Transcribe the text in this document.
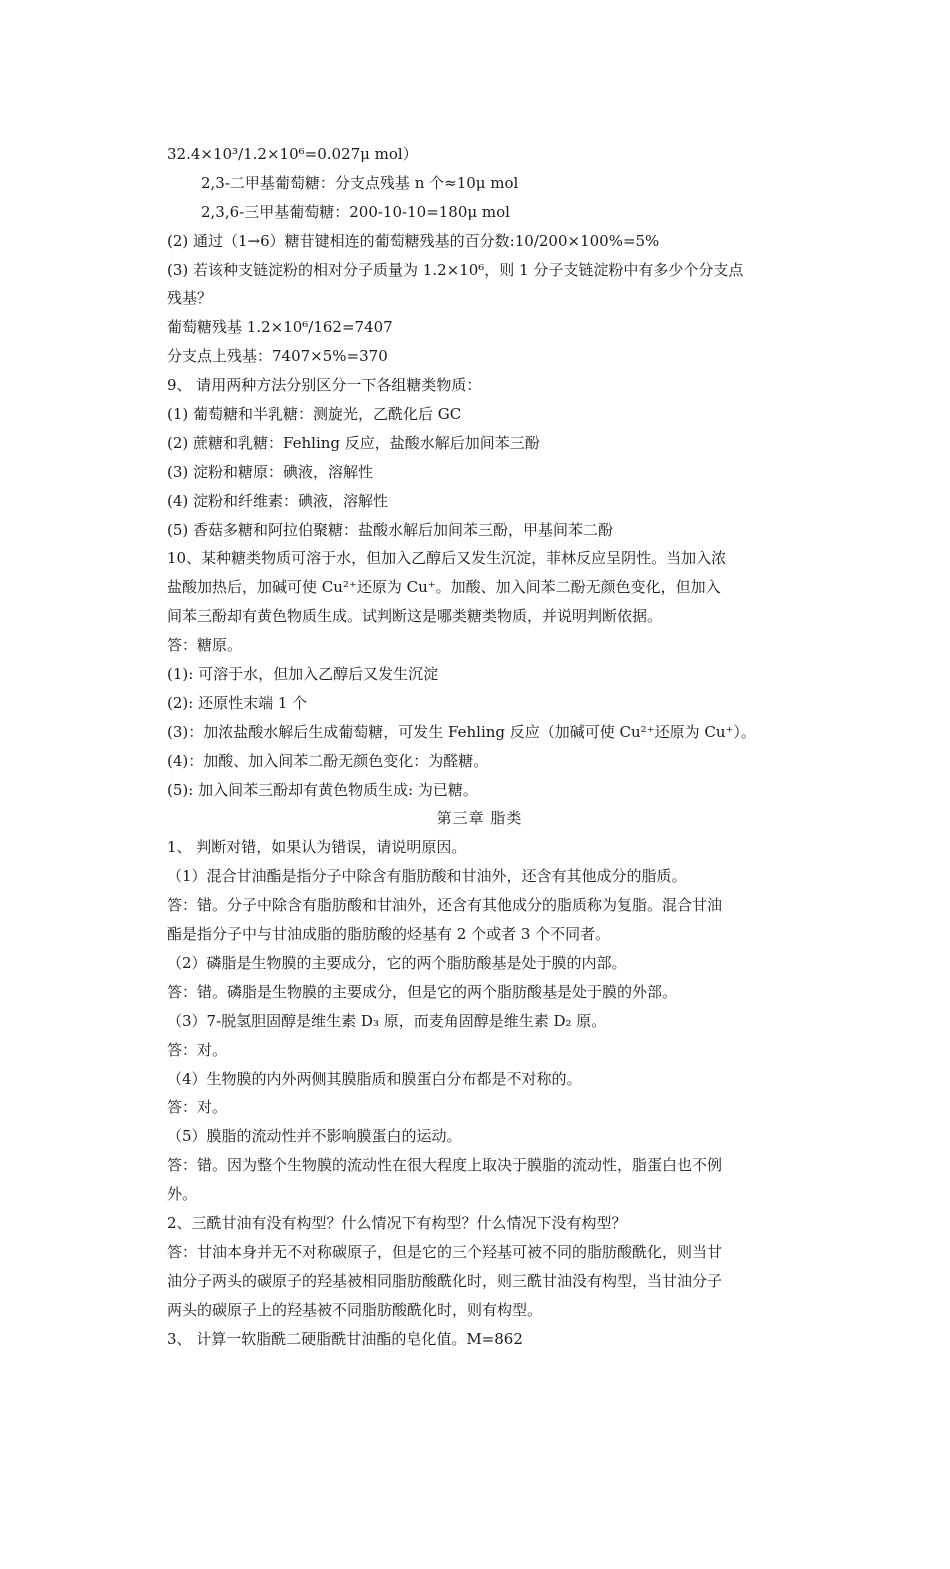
32.4×10³/1.2×10⁶=0.027μ mol）
2,3-二甲基葡萄糖：分支点残基 n 个≈10μ mol
2,3,6-三甲基葡萄糖：200-10-10=180μ mol
(2) 通过（1→6）糖苷键相连的葡萄糖残基的百分数:10/200×100%=5%
(3) 若该种支链淀粉的相对分子质量为 1.2×10⁶，则 1 分子支链淀粉中有多少个分支点
残基？
葡萄糖残基 1.2×10⁶/162=7407
分支点上残基：7407×5%=370
9、 请用两种方法分别区分一下各组糖类物质：
(1) 葡萄糖和半乳糖：测旋光，乙酰化后 GC
(2) 蔗糖和乳糖：Fehling 反应，盐酸水解后加间苯三酚
(3) 淀粉和糖原：碘液，溶解性
(4) 淀粉和纤维素：碘液，溶解性
(5) 香菇多糖和阿拉伯聚糖：盐酸水解后加间苯三酚，甲基间苯二酚
10、某种糖类物质可溶于水，但加入乙醇后又发生沉淀，菲林反应呈阴性。当加入浓
盐酸加热后，加碱可使 Cu²⁺还原为 Cu⁺。加酸、加入间苯二酚无颜色变化，但加入
间苯三酚却有黄色物质生成。试判断这是哪类糖类物质，并说明判断依据。
答：糖原。
(1): 可溶于水，但加入乙醇后又发生沉淀
(2): 还原性末端 1 个
(3)：加浓盐酸水解后生成葡萄糖，可发生 Fehling 反应（加碱可使 Cu²⁺还原为 Cu⁺）。
(4)：加酸、加入间苯二酚无颜色变化：为醛糖。
(5): 加入间苯三酚却有黄色物质生成: 为已糖。
第三章 脂类
1、 判断对错，如果认为错误，请说明原因。
（1）混合甘油酯是指分子中除含有脂肪酸和甘油外，还含有其他成分的脂质。
答：错。分子中除含有脂肪酸和甘油外，还含有其他成分的脂质称为复脂。混合甘油
酯是指分子中与甘油成脂的脂肪酸的烃基有 2 个或者 3 个不同者。
（2）磷脂是生物膜的主要成分，它的两个脂肪酸基是处于膜的内部。
答：错。磷脂是生物膜的主要成分，但是它的两个脂肪酸基是处于膜的外部。
（3）7-脱氢胆固醇是维生素 D₃ 原，而麦角固醇是维生素 D₂ 原。
答：对。
（4）生物膜的内外两侧其膜脂质和膜蛋白分布都是不对称的。
答：对。
（5）膜脂的流动性并不影响膜蛋白的运动。
答：错。因为整个生物膜的流动性在很大程度上取决于膜脂的流动性，脂蛋白也不例
外。
2、三酰甘油有没有构型？什么情况下有构型？什么情况下没有构型？
答：甘油本身并无不对称碳原子，但是它的三个羟基可被不同的脂肪酸酰化，则当甘
油分子两头的碳原子的羟基被相同脂肪酸酰化时，则三酰甘油没有构型，当甘油分子
两头的碳原子上的羟基被不同脂肪酸酰化时，则有构型。
3、 计算一软脂酰二硬脂酰甘油酯的皂化值。M=862
